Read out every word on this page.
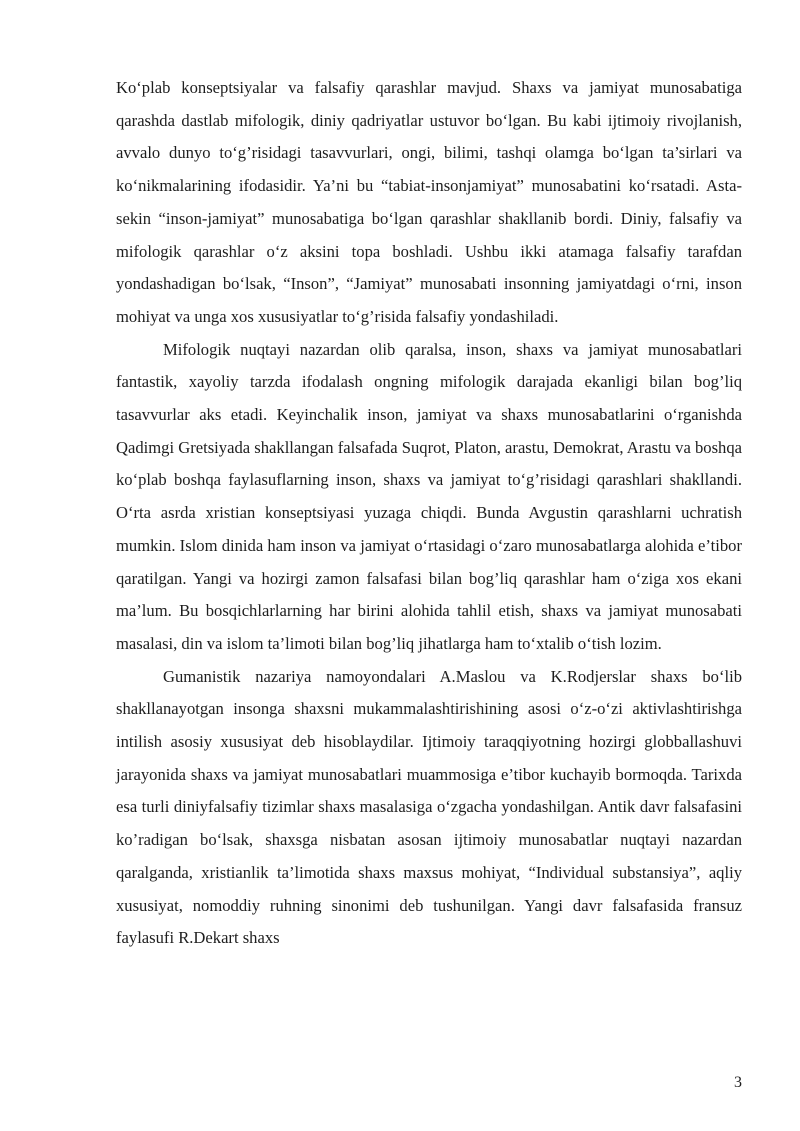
Ko‘plab konseptsiyalar va falsafiy qarashlar mavjud. Shaxs va jamiyat munosabatiga qarashda dastlab mifologik, diniy qadriyatlar ustuvor bo‘lgan. Bu kabi ijtimoiy rivojlanish, avvalo dunyo to‘g’risidagi tasavvurlari, ongi, bilimi, tashqi olamga bo‘lgan ta’sirlari va ko‘nikmalarining ifodasidir. Ya’ni bu “tabiat-insonjamiyat” munosabatini ko‘rsatadi. Asta-sekin “inson-jamiyat” munosabatiga bo‘lgan qarashlar shakllanib bordi. Diniy, falsafiy va mifologik qarashlar o‘z aksini topa boshladi. Ushbu ikki atamaga falsafiy tarafdan yondashadigan bo‘lsak, “Inson”, “Jamiyat” munosabati insonning jamiyatdagi o‘rni, inson mohiyat va unga xos xususiyatlar to‘g’risida falsafiy yondashiladi.

Mifologik nuqtayi nazardan olib qaralsa, inson, shaxs va jamiyat munosabatlari fantastik, xayoliy tarzda ifodalash ongning mifologik darajada ekanligi bilan bog’liq tasavvurlar aks etadi. Keyinchalik inson, jamiyat va shaxs munosabatlarini o‘rganishda Qadimgi Gretsiyada shakllangan falsafada Suqrot, Platon, arastu, Demokrat, Arastu va boshqa ko‘plab boshqa faylasuflarning inson, shaxs va jamiyat to‘g’risidagi qarashlari shakllandi. O‘rta asrda xristian konseptsiyasi yuzaga chiqdi. Bunda Avgustin qarashlarni uchratish mumkin. Islom dinida ham inson va jamiyat o‘rtasidagi o‘zaro munosabatlarga alohida e’tibor qaratilgan. Yangi va hozirgi zamon falsafasi bilan bog’liq qarashlar ham o‘ziga xos ekani ma’lum. Bu bosqichlarlarning har birini alohida tahlil etish, shaxs va jamiyat munosabati masalasi, din va islom ta’limoti bilan bog’liq jihatlarga ham to‘xtalib o‘tish lozim.

Gumanistik nazariya namoyondalari A.Maslou va K.Rodjerslar shaxs bo‘lib shakllanayotgan insonga shaxsni mukammalashtirishining asosi o‘z-o‘zi aktivlashtirishga intilish asosiy xususiyat deb hisoblaydilar. Ijtimoiy taraqqiyotning hozirgi globballashuvi jarayonida shaxs va jamiyat munosabatlari muammosiga e’tibor kuchayib bormoqda. Tarixda esa turli diniyfalsafiy tizimlar shaxs masalasiga o‘zgacha yondashilgan. Antik davr falsafasini ko’radigan bo‘lsak, shaxsga nisbatan asosan ijtimoiy munosabatlar nuqtayi nazardan qaralganda, xristianlik ta’limotida shaxs maxsus mohiyat, “Individual substansiya”, aqliy xususiyat, nomoddiy ruhning sinonimi deb tushunilgan. Yangi davr falsafasida fransuz faylasufi R.Dekart shaxs

3
